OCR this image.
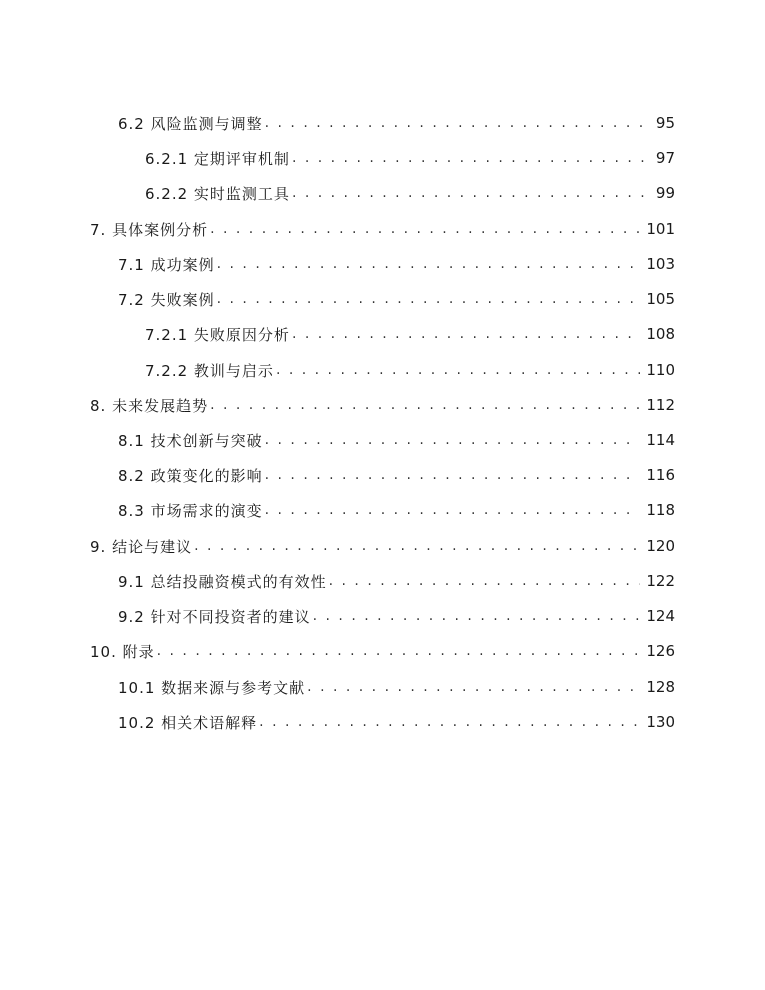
6.2 风险监测与调整 . . .	95
6.2.1 定期评审机制 . . .	97
6.2.2 实时监测工具 . . .	99
7. 具体案例分析 . . .	101
7.1 成功案例 . . .	103
7.2 失败案例 . . .	105
7.2.1 失败原因分析 . . .	108
7.2.2 教训与启示 . . .	110
8. 未来发展趋势 . . .	112
8.1 技术创新与突破 . . .	114
8.2 政策变化的影响 . . .	116
8.3 市场需求的演变 . . .	118
9. 结论与建议 . . .	120
9.1 总结投融资模式的有效性 . . .	122
9.2 针对不同投资者的建议 . . .	124
10. 附录 . . .	126
10.1 数据来源与参考文献 . . .	128
10.2 相关术语解释 . . .	130
